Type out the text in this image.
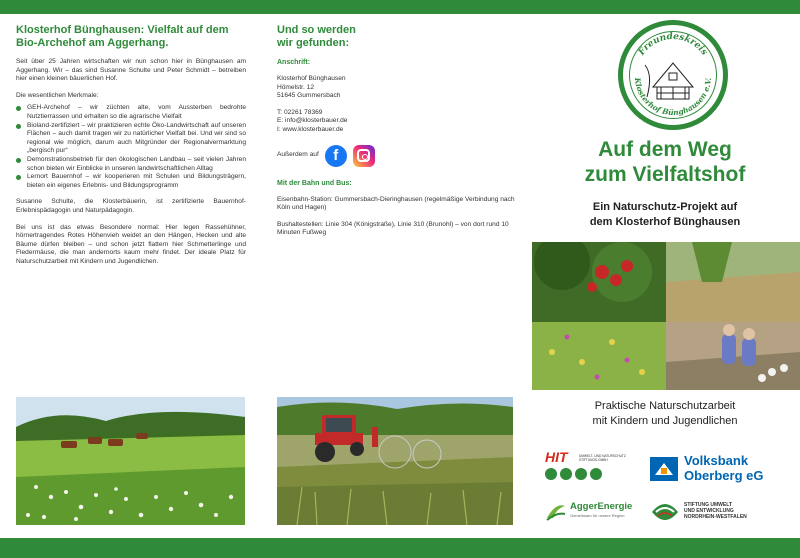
Klosterhof Bünghausen: Vielfalt auf dem Bio-Archehof am Aggerhang.
Seit über 25 Jahren wirtschaften wir nun schon hier in Bünghausen am Aggerhang. Wir – das sind Susanne Schulte und Peter Schmidt – betreiben hier einen kleinen bäuerlichen Hof.
Die wesentlichen Merkmale:
GEH-Archehof – wir züchten alte, vom Aussterben bedrohte Nutztierrassen und erhalten so die agrarische Vielfalt
Bioland-zertifiziert – wir praktizieren echte Öko-Landwirtschaft auf unseren Flächen – auch damit tragen wir zu natürlicher Vielfalt bei. Und wir sind so regional wie möglich, darum auch Mitgründer der Regionalvermarktung „bergisch pur“
Demonstrationsbetrieb für den ökologischen Landbau – seit vielen Jahren schon bieten wir Einblicke in unseren landwirtschaftlichen Alltag
Lernort Bauernhof – wir kooperieren mit Schulen und Bildungsträgern, bieten ein eigenes Erlebnis- und Bildungsprogramm
Susanne Schulte, die Klosterbäuerin, ist zertifizierte Bauernhof-Erlebnispädagogin und Naturpädagogin.
Bei uns ist das etwas Besondere normal: Hier legen Rassehühner, hörnertragendes Rotes Höhenvieh weidet an den Hängen, Hecken und alte Bäume dürfen bleiben – und schon jetzt flattern hier Schmetterlinge und Fledermäuse, die man andernorts kaum mehr findet. Der ideale Platz für Naturschutzarbeit mit Kindern und Jugendlichen.
Und so werden wir gefunden:
Anschrift:
Klosterhof Bünghausen
Hömelstr. 12
51645 Gummersbach
T: 02261 78369
E: info@klosterbauer.de
I: www.klosterbauer.de
Außerdem auf f
Mit der Bahn und Bus:
Eisenbahn-Station: Gummersbach-Dieringhausen (regelmäßige Verbindung nach Köln und Hagen)
Bushaltestellen: Linie 304 (Königstraße), Linie 310 (Brunohl) – von dort rund 10 Minuten Fußweg
Freundeskreis
Klosterhof Bünghausen e.V.
Auf dem Weg
zum Vielfaltshof
Ein Naturschutz-Projekt auf
dem Klosterhof Bünghausen
Praktische Naturschutzarbeit
mit Kindern und Jugendlichen
HIT	UMWELT- UND NATURSCHUTZ STIFTUNGS-GMBH	Volksbank
Oberberg eG
AggerEnergie
Gemeinsam für unsere Region
STIFTUNG UMWELT
UND ENTWICKLUNG
NORDRHEIN-WESTFALEN
